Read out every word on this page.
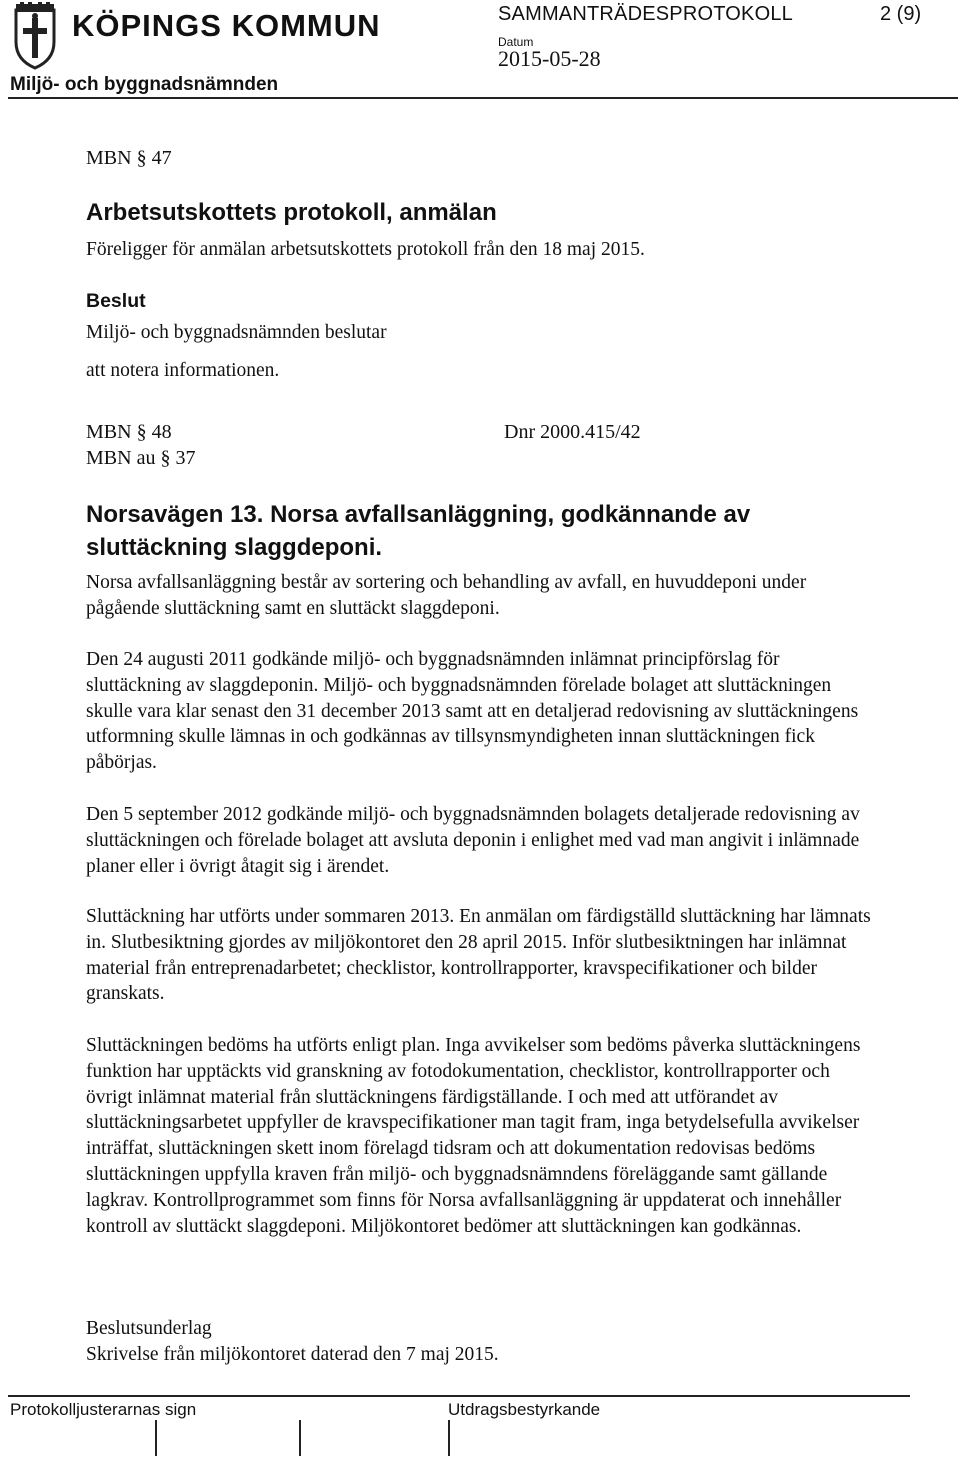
KÖPINGS KOMMUN
Miljö- och byggnadsnämnden
SAMMANTRÄDESPROTOKOLL	2 (9)
Datum
2015-05-28
MBN § 47
Arbetsutskottets protokoll, anmälan
Föreligger för anmälan arbetsutskottets protokoll från den 18 maj 2015.
Beslut
Miljö- och byggnadsnämnden beslutar
att notera informationen.
MBN § 48	Dnr 2000.415/42
MBN au § 37
Norsavägen 13. Norsa avfallsanläggning, godkännande av sluttäckning slaggdeponi.
Norsa avfallsanläggning består av sortering och behandling av avfall, en huvuddeponi under pågående sluttäckning samt en sluttäckt slaggdeponi.
Den 24 augusti 2011 godkände miljö- och byggnadsnämnden inlämnat principförslag för sluttäckning av slaggdeponin. Miljö- och byggnadsnämnden förelade bolaget att sluttäckningen skulle vara klar senast den 31 december 2013 samt att en detaljerad redovisning av sluttäckningens utformning skulle lämnas in och godkännas av tillsynsmyndigheten innan sluttäckningen fick påbörjas.
Den 5 september 2012 godkände miljö- och byggnadsnämnden bolagets detaljerade redovisning av sluttäckningen och förelade bolaget att avsluta deponin i enlighet med vad man angivit i inlämnade planer eller i övrigt åtagit sig i ärendet.
Sluttäckning har utförts under sommaren 2013. En anmälan om färdigställd sluttäckning har lämnats in. Slutbesiktning gjordes av miljökontoret den 28 april 2015. Inför slutbesiktningen har inlämnat material från entreprenadarbetet; checklistor, kontrollrapporter, kravspecifikationer och bilder granskats.
Sluttäckningen bedöms ha utförts enligt plan. Inga avvikelser som bedöms påverka sluttäckningens funktion har upptäckts vid granskning av fotodokumentation, checklistor, kontrollrapporter och övrigt inlämnat material från sluttäckningens färdigställande. I och med att utförandet av sluttäckningsarbetet uppfyller de kravspecifikationer man tagit fram, inga betydelsefulla avvikelser inträffat, sluttäckningen skett inom förelagd tidsram och att dokumentation redovisas bedöms sluttäckningen uppfylla kraven från miljö- och byggnadsnämndens föreläggande samt gällande lagkrav. Kontrollprogrammet som finns för Norsa avfallsanläggning är uppdaterat och innehåller kontroll av sluttäckt slaggdeponi. Miljökontoret bedömer att sluttäckningen kan godkännas.
Beslutsunderlag
Skrivelse från miljökontoret daterad den 7 maj 2015.
Protokolljusterarnas sign	Utdragsbestyrkande
